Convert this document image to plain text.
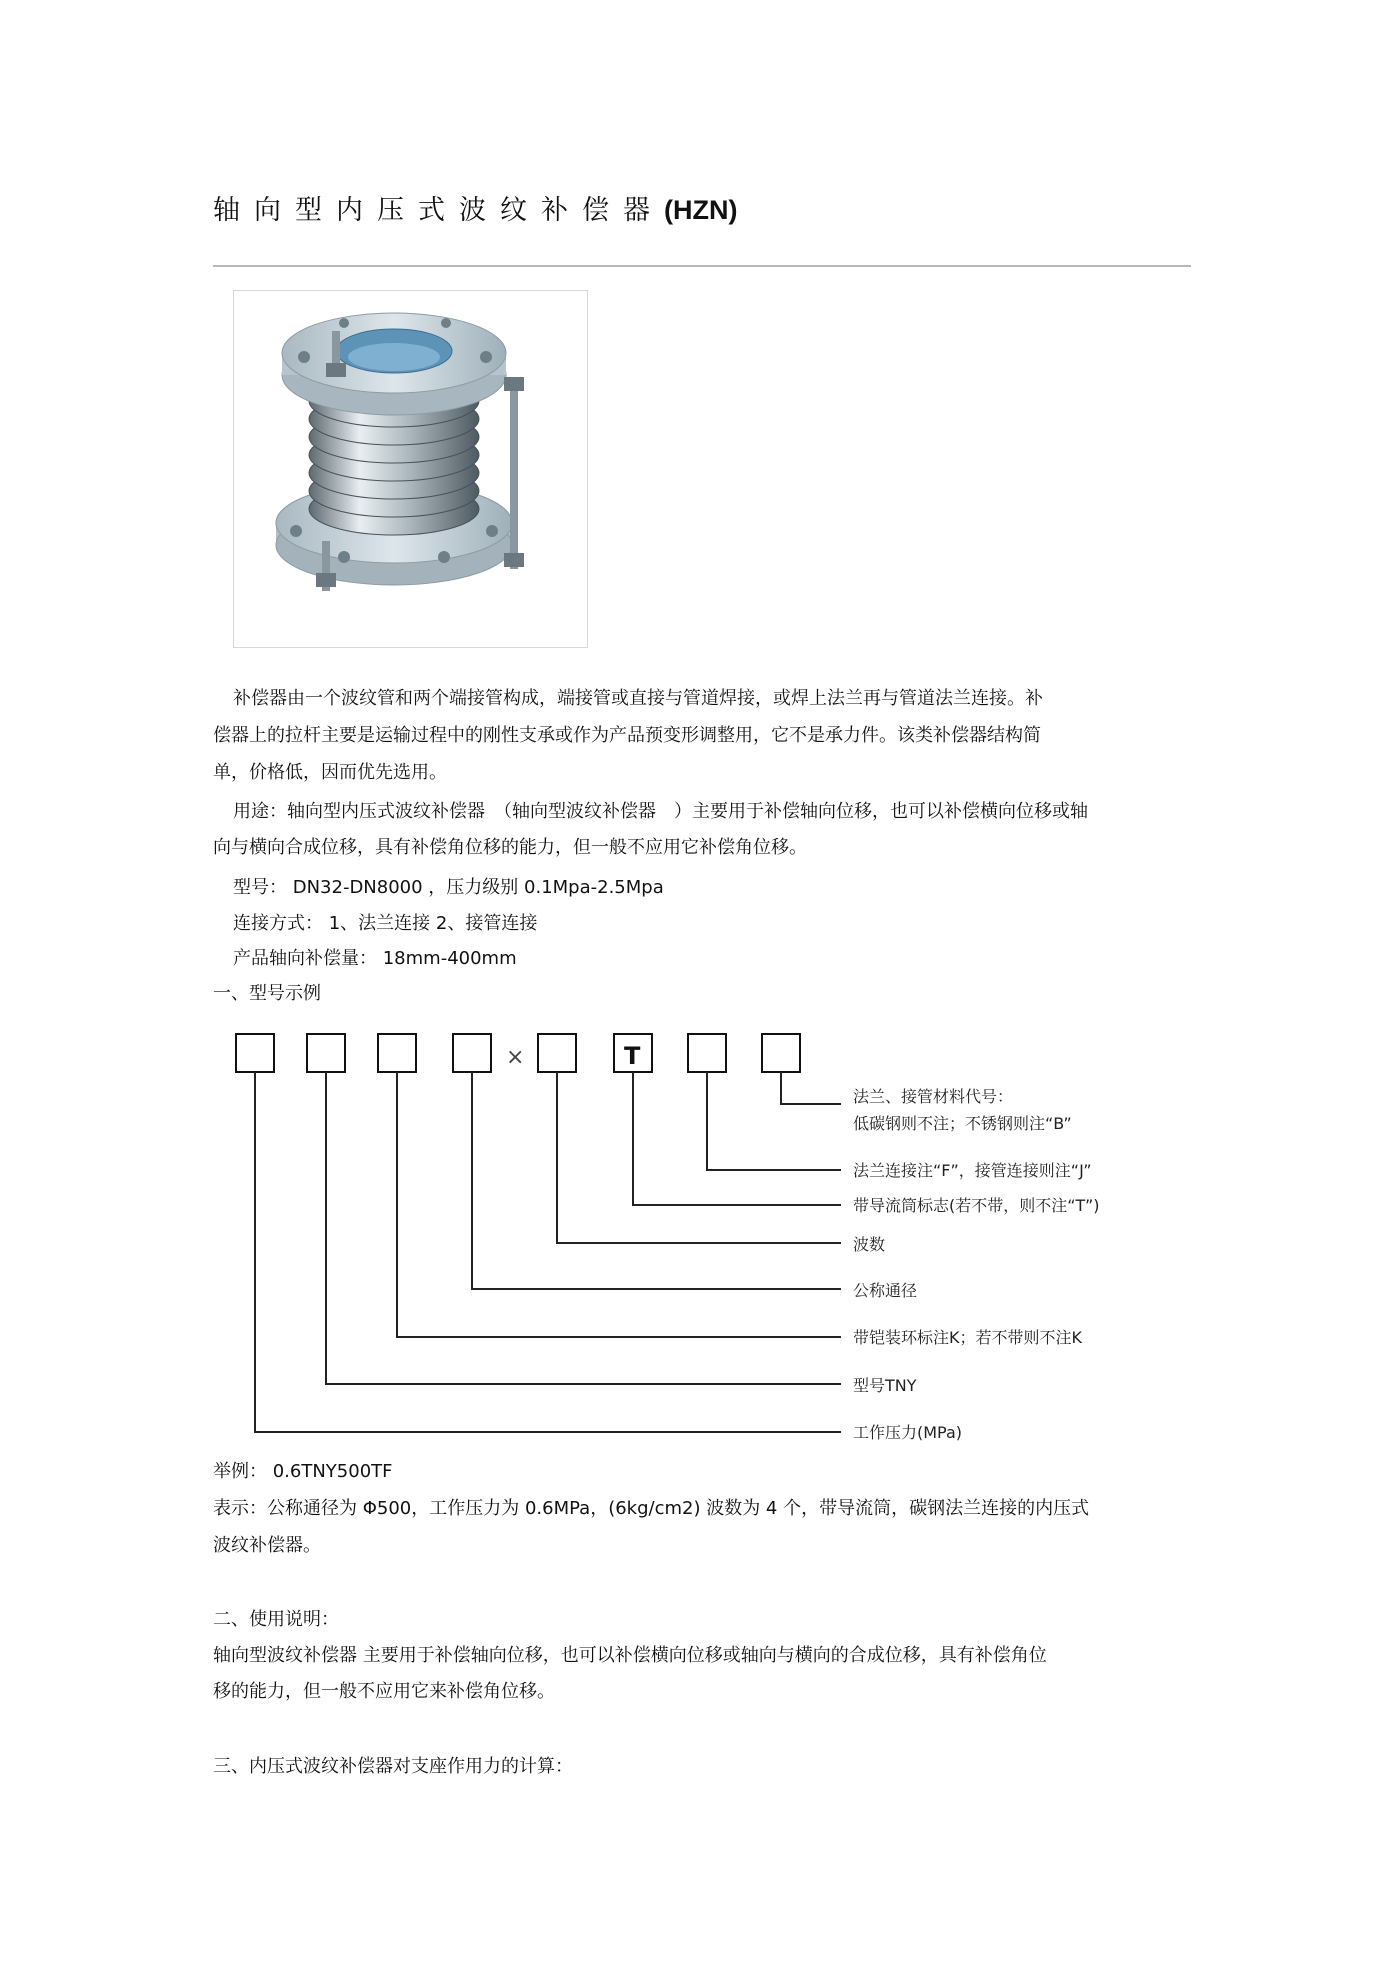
轴向型内压式波纹补偿器(HZN)
补偿器由一个波纹管和两个端接管构成，端接管或直接与管道焊接，或焊上法兰再与管道法兰连接。补
偿器上的拉杆主要是运输过程中的刚性支承或作为产品预变形调整用，它不是承力件。该类补偿器结构简
单，价格低，因而优先选用。
用途：轴向型内压式波纹补偿器　（轴向型波纹补偿器　）主要用于补偿轴向位移，也可以补偿横向位移或轴
向与横向合成位移，具有补偿角位移的能力，但一般不应用它补偿角位移。
型号： DN32-DN8000 ，压力级别 0.1Mpa-2.5Mpa
连接方式： 1、法兰连接 2、接管连接
产品轴向补偿量： 18mm-400mm
一、型号示例
×	T
法兰、接管材料代号：
低碳钢则不注；不锈钢则注“B”
法兰连接注“F”，接管连接则注“J”
带导流筒标志(若不带，则不注“T”)
波数
公称通径
带铠装环标注K；若不带则不注K
型号TNY
工作压力(MPa)
举例： 0.6TNY500TF
表示：公称通径为 Φ500，工作压力为 0.6MPa，(6kg/cm2) 波数为 4 个，带导流筒，碳钢法兰连接的内压式
波纹补偿器。
二、使用说明：
轴向型波纹补偿器 主要用于补偿轴向位移，也可以补偿横向位移或轴向与横向的合成位移，具有补偿角位
移的能力，但一般不应用它来补偿角位移。
三、内压式波纹补偿器对支座作用力的计算：
